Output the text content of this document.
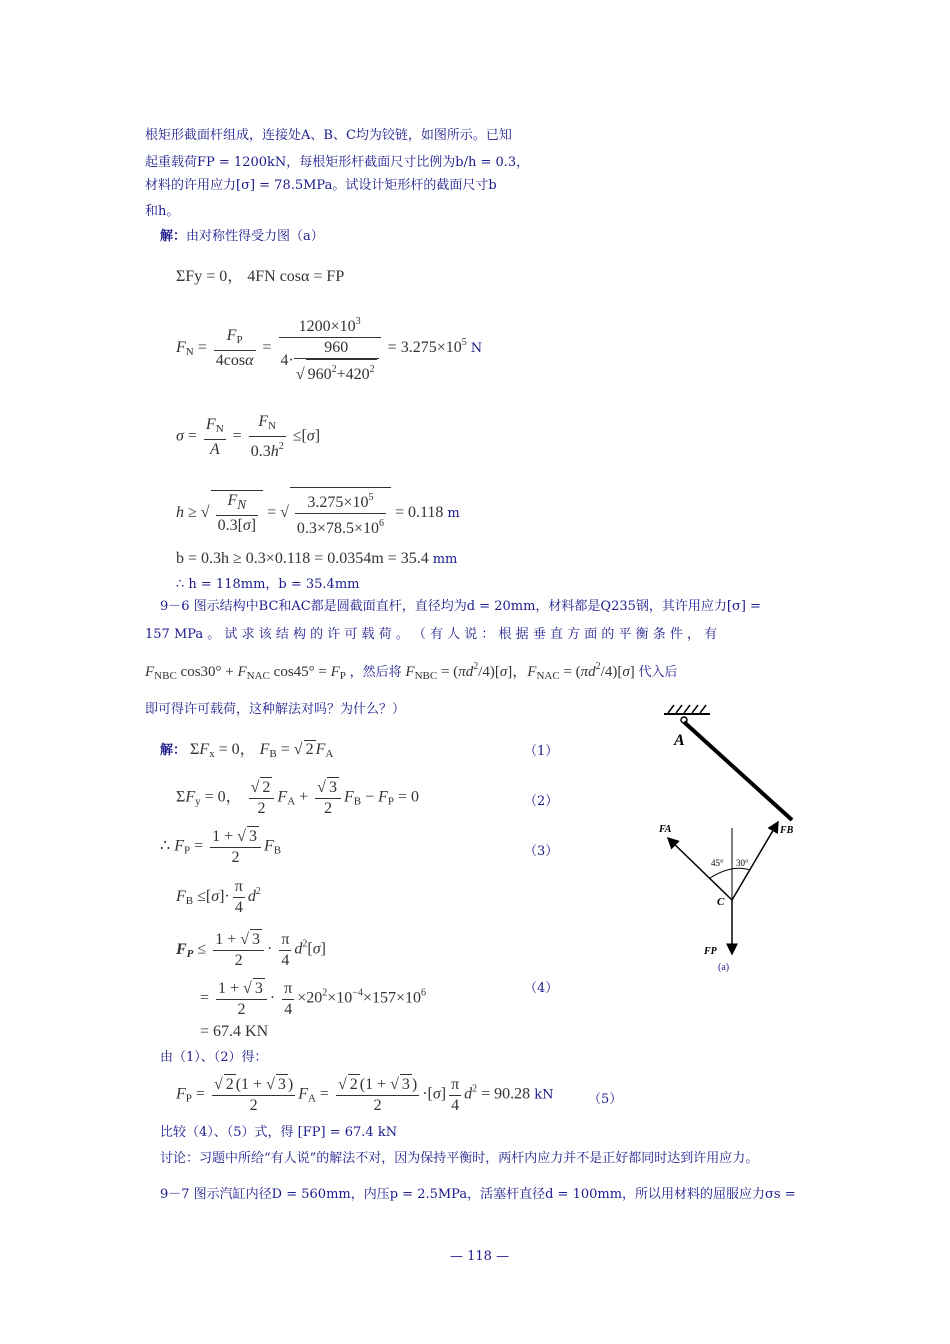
根矩形截面杆组成，连接处A、B、C均为铰链，如图所示。已知
起重载荷FP = 1200kN，每根矩形杆截面尺寸比例为b/h = 0.3，
材料的许用应力[σ] = 78.5MPa。试设计矩形杆的截面尺寸b
和h。
解：由对称性得受力图（a）
ΣFy = 0， 4FN cosα = FP
$F_N = \frac{F_P}{4\cos\alpha} = \frac{1200\times 10^3}{4\cdot \frac{960}{√ 960^2+420^2}} = 3.275\times 10^5$ N
$\sigma = \frac{F_N}{A} = \frac{F_N}{0.3h^2} \le[\sigma]$
h ≥ √ $\frac{F_N}{0.3[\sigma]}$ = √ $\frac{3.275\times 10^5}{0.3\times 78.5\times 10^6} = 0.118$ m
b = 0.3h ≥ 0.3×0.118 = 0.0354m = 35.4 mm
∴ h = 118mm，b = 35.4mm
9－6 图示结构中BC和AC都是圆截面直杆，直径均为d = 20mm，材料都是Q235钢，其许用应力[σ] =
157 MPa 。 试 求 该 结 构 的 许 可 载 荷 。 （ 有 人 说 ： 根 据 垂 直 方 面 的 平 衡 条 件 ， 有
$F_{NBC}$ $\cos 30^\circ + F_{NAC}$ $\cos 45^\circ = F_P$ ，然后将 $F_{NBC} = (\pi d^2/4)[\sigma]$，$F_{NAC} = (\pi d^2/4)[\sigma]$ 代入后
即可得许可载荷，这种解法对吗？为什么？）
解： $\Sigma F_x = 0$， $F_B$ = √ 2 $F_A$	（1）
$\Sigma F_y = 0$， $\frac{√ 2}{2} F_A + \frac{√ 3}{2} F_B - F_P = 0$	（2）
∴ $F_P = \frac{1 + √ 3}{2} F_B$	（3）
$F_B \le[\sigma]\cdot \frac{\pi}{4} d^2$
$F_P \le \frac{1 + √ 3}{2} \cdot \frac{\pi}{4} d^2[\sigma]$
= $\frac{1 + √ 3}{2} \cdot \frac{\pi}{4} \times 20^2\times 10^{-4}\times 157\times 10^6$	（4）
= 67.4 KN
由（1）、（2）得：
$F_P = \frac{√ 2 (1 + √ 3 )}{2} F_A = \frac{√ 2 (1 + √ 3 )}{2} \cdot[\sigma] \frac{\pi}{4} d^2 = 90.28$ kN	（5）
比较（4）、（5）式，得 [FP] = 67.4 kN
讨论：习题中所给“有人说”的解法不对，因为保持平衡时，两杆内应力并不是正好都同时达到许用应力。
9－7 图示汽缸内径D = 560mm，内压p = 2.5MPa，活塞杆直径d = 100mm，所以用材料的屈服应力σs =
A
FA	FB
45° 30°
C
FP
(a)
— 118 —
